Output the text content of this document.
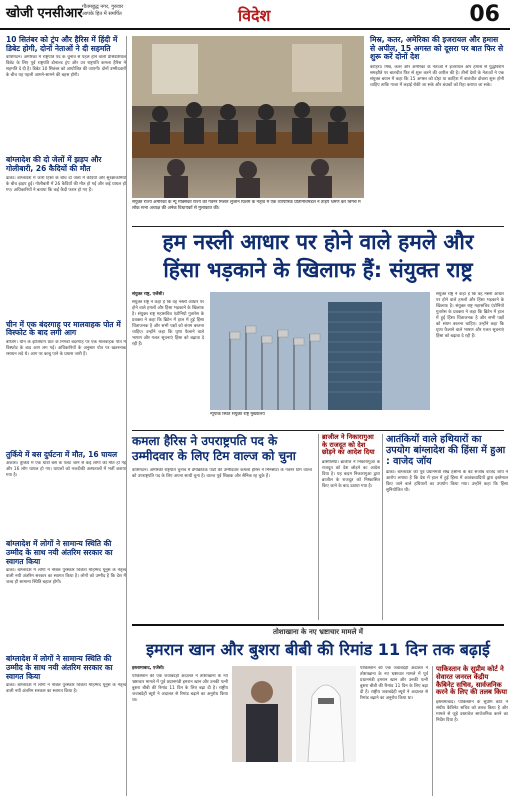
खोजी एनसीआर गौतमबुद्ध नगर, गुरुवार
आपके हित में समर्पित	विदेश	06
10 सितंबर को ट्रंप और हैरिस में हिंदी में डिबेट होगी, दोनों नेताओं ने दी सहमति
वाशिंगटन। अमेरिका में राष्ट्रपति पद के चुनाव से पहले होने वाली प्रेसिडेंशियल डिबेट के लिए पूर्व राष्ट्रपति डोनाल्ड ट्रंप और उप राष्ट्रपति कमला हैरिस ने सहमति दे दी है। डिबेट 10 सितंबर को आयोजित की जाएगी। दोनों उम्मीदवारों के बीच यह पहली आमने-सामने की बहस होगी।
बांग्लादेश की दो जेलों में झड़प और गोलीबारी, 26 कैदियों की मौत
ढाका। बांग्लादेश में जारी हिंसा के बीच दो जेलों में कैदियों और सुरक्षाकर्मियों के बीच झड़प हुई। गोलीबारी में 26 कैदियों की मौत हो गई और कई घायल हो गए। अधिकारियों ने बताया कि कई कैदी फरार हो गए हैं।
चीन में एक बंदरगाह पर मालवाहक पोत में विस्फोट के बाद लगी आग
बीजिंग। चीन के झेजियांग प्रांत के निंगबो बंदरगाह पर एक मालवाहक पोत में विस्फोट के बाद आग लग गई। अधिकारियों के अनुसार पोत पर खतरनाक रसायन लदे थे। आग पर काबू पाने के प्रयास जारी हैं।
तुर्किये में बस दुर्घटना में मौत, 16 घायल
अंकारा। तुर्किये में एक यात्री बस के पलट जाने से कई लोगों की मौत हो गई और 16 लोग घायल हो गए। घायलों को नजदीकी अस्पतालों में भर्ती कराया गया है।
बांग्लादेश में लोगों ने सामान्य स्थिति की उम्मीद के साथ नयी अंतरिम सरकार का स्वागत किया
ढाका। बांग्लादेश में लोगों ने नोबेल पुरस्कार विजेता मोहम्मद यूनुस के नेतृत्व वाली नयी अंतरिम सरकार का स्वागत किया है। लोगों को उम्मीद है कि देश में जल्द ही सामान्य स्थिति बहाल होगी।
बांग्लादेश में लोगों ने सामान्य स्थिति की उम्मीद के साथ नयी अंतरिम सरकार का स्वागत किया
ढाका। बांग्लादेश में लोगों ने नोबेल पुरस्कार विजेता मोहम्मद यूनुस के नेतृत्व वाली नयी अंतरिम सरकार का स्वागत किया है।
संयुक्त राज्य अमेरिका के न्यू मैक्सिको राज्य की गवर्नर मिशेल लुजान ग्रिशम के नेतृत्व में एक व्यापारिक प्रतिनिधिमंडल ने ताइपे भ्रमण कर चिंगचे में लोक सभा अध्यक्ष की अनेक विधायकों से मुलाकात की।
मिस्र, कतर, अमेरिका की इजरायल और हमास से अपील, 15 अगस्त को दूसरा पर बात फिर से शुरू करें दोनों देश
काहिरा। मिस्र, कतर और अमेरिका के नेताओं ने इजरायल और हमास से युद्धविराम समझौते पर बातचीत फिर से शुरू करने की अपील की है। तीनों देशों के नेताओं ने एक संयुक्त बयान में कहा कि 15 अगस्त को दोहा या काहिरा में बातचीत दोबारा शुरू होनी चाहिए ताकि गाजा में लड़ाई रोकी जा सके और बंधकों को रिहा कराया जा सके।
हम नस्ली आधार पर होने वाले हमले और
हिंसा भड़काने के खिलाफ हैं: संयुक्त राष्ट्र
संयुक्त राष्ट्र, एजेंसी।
संयुक्त राष्ट्र ने कहा है कि वह नस्ली आधार पर होने वाले हमलों और हिंसा भड़काने के खिलाफ है। संयुक्त राष्ट्र महासचिव एंटोनियो गुतारेस के प्रवक्ता ने कहा कि ब्रिटेन में हाल में हुई हिंसा चिंताजनक है और सभी पक्षों को संयम बरतना चाहिए। उन्होंने कहा कि घृणा फैलाने वाले भाषण और गलत सूचनाएं हिंसा को बढ़ावा दे रही हैं।
संयुक्त राष्ट्र ने कहा है कि वह नस्ली आधार पर होने वाले हमलों और हिंसा भड़काने के खिलाफ है। संयुक्त राष्ट्र महासचिव एंटोनियो गुतारेस के प्रवक्ता ने कहा कि ब्रिटेन में हाल में हुई हिंसा चिंताजनक है और सभी पक्षों को संयम बरतना चाहिए। उन्होंने कहा कि घृणा फैलाने वाले भाषण और गलत सूचनाएं हिंसा को बढ़ावा दे रही हैं।
न्यूयॉर्क स्थित संयुक्त राष्ट्र मुख्यालय
कमला हैरिस ने उपराष्ट्रपति पद के उम्मीदवार के लिए टिम वाल्ज को चुना
वाशिंगटन। अमेरिकी राष्ट्रपति चुनाव में डेमोक्रेटिक पार्टी की उम्मीदवार कमला हैरिस ने मिनेसोटा के गवर्नर टिम वाल्ज को उपराष्ट्रपति पद के लिए अपना साथी चुना है। वाल्ज पूर्व शिक्षक और सैनिक रह चुके हैं।
ब्राजील ने निकारागुआ के राजदूत को देश छोड़ने का आदेश दिया
ब्रासीलिया। ब्राजील ने निकारागुआ के राजदूत को देश छोड़ने का आदेश दिया है। यह कदम निकारागुआ द्वारा ब्राजील के राजदूत को निष्कासित किए जाने के बाद उठाया गया है।
आतंकियों वाले हथियारों का उपयोग बांग्लादेश की हिंसा में हुआ : वाजेद जॉय
ढाका। बांग्लादेश की पूर्व प्रधानमंत्री शेख हसीना के बेटे सजीब वाजेद जॉय ने आरोप लगाया है कि देश में हाल में हुई हिंसा में आतंकवादियों द्वारा इस्तेमाल किए जाने वाले हथियारों का उपयोग किया गया। उन्होंने कहा कि हिंसा सुनियोजित थी।
तोशाखाना के नए भ्रष्टाचार मामले में
इमरान खान और बुशरा बीबी की रिमांड 11 दिन तक बढ़ाई
इस्लामाबाद, एजेंसी।
पाकिस्तान की एक जवाबदेही अदालत ने तोशाखाना के नए भ्रष्टाचार मामले में पूर्व प्रधानमंत्री इमरान खान और उनकी पत्नी बुशरा बीबी की रिमांड 11 दिन के लिए बढ़ा दी है। राष्ट्रीय जवाबदेही ब्यूरो ने अदालत से रिमांड बढ़ाने का अनुरोध किया था।
पाकिस्तान की एक जवाबदेही अदालत ने तोशाखाना के नए भ्रष्टाचार मामले में पूर्व प्रधानमंत्री इमरान खान और उनकी पत्नी बुशरा बीबी की रिमांड 11 दिन के लिए बढ़ा दी है। राष्ट्रीय जवाबदेही ब्यूरो ने अदालत से रिमांड बढ़ाने का अनुरोध किया था।
पाकिस्तान के सुप्रीम कोर्ट ने सेवारत जनरल केंद्रीय कैबिनेट सचिव, सार्वजनिक करने के लिए की तलब किया
इस्लामाबाद। पाकिस्तान के सुप्रीम कोर्ट ने संघीय कैबिनेट सचिव को तलब किया है और मामले से जुड़े दस्तावेज सार्वजनिक करने का निर्देश दिया है।
